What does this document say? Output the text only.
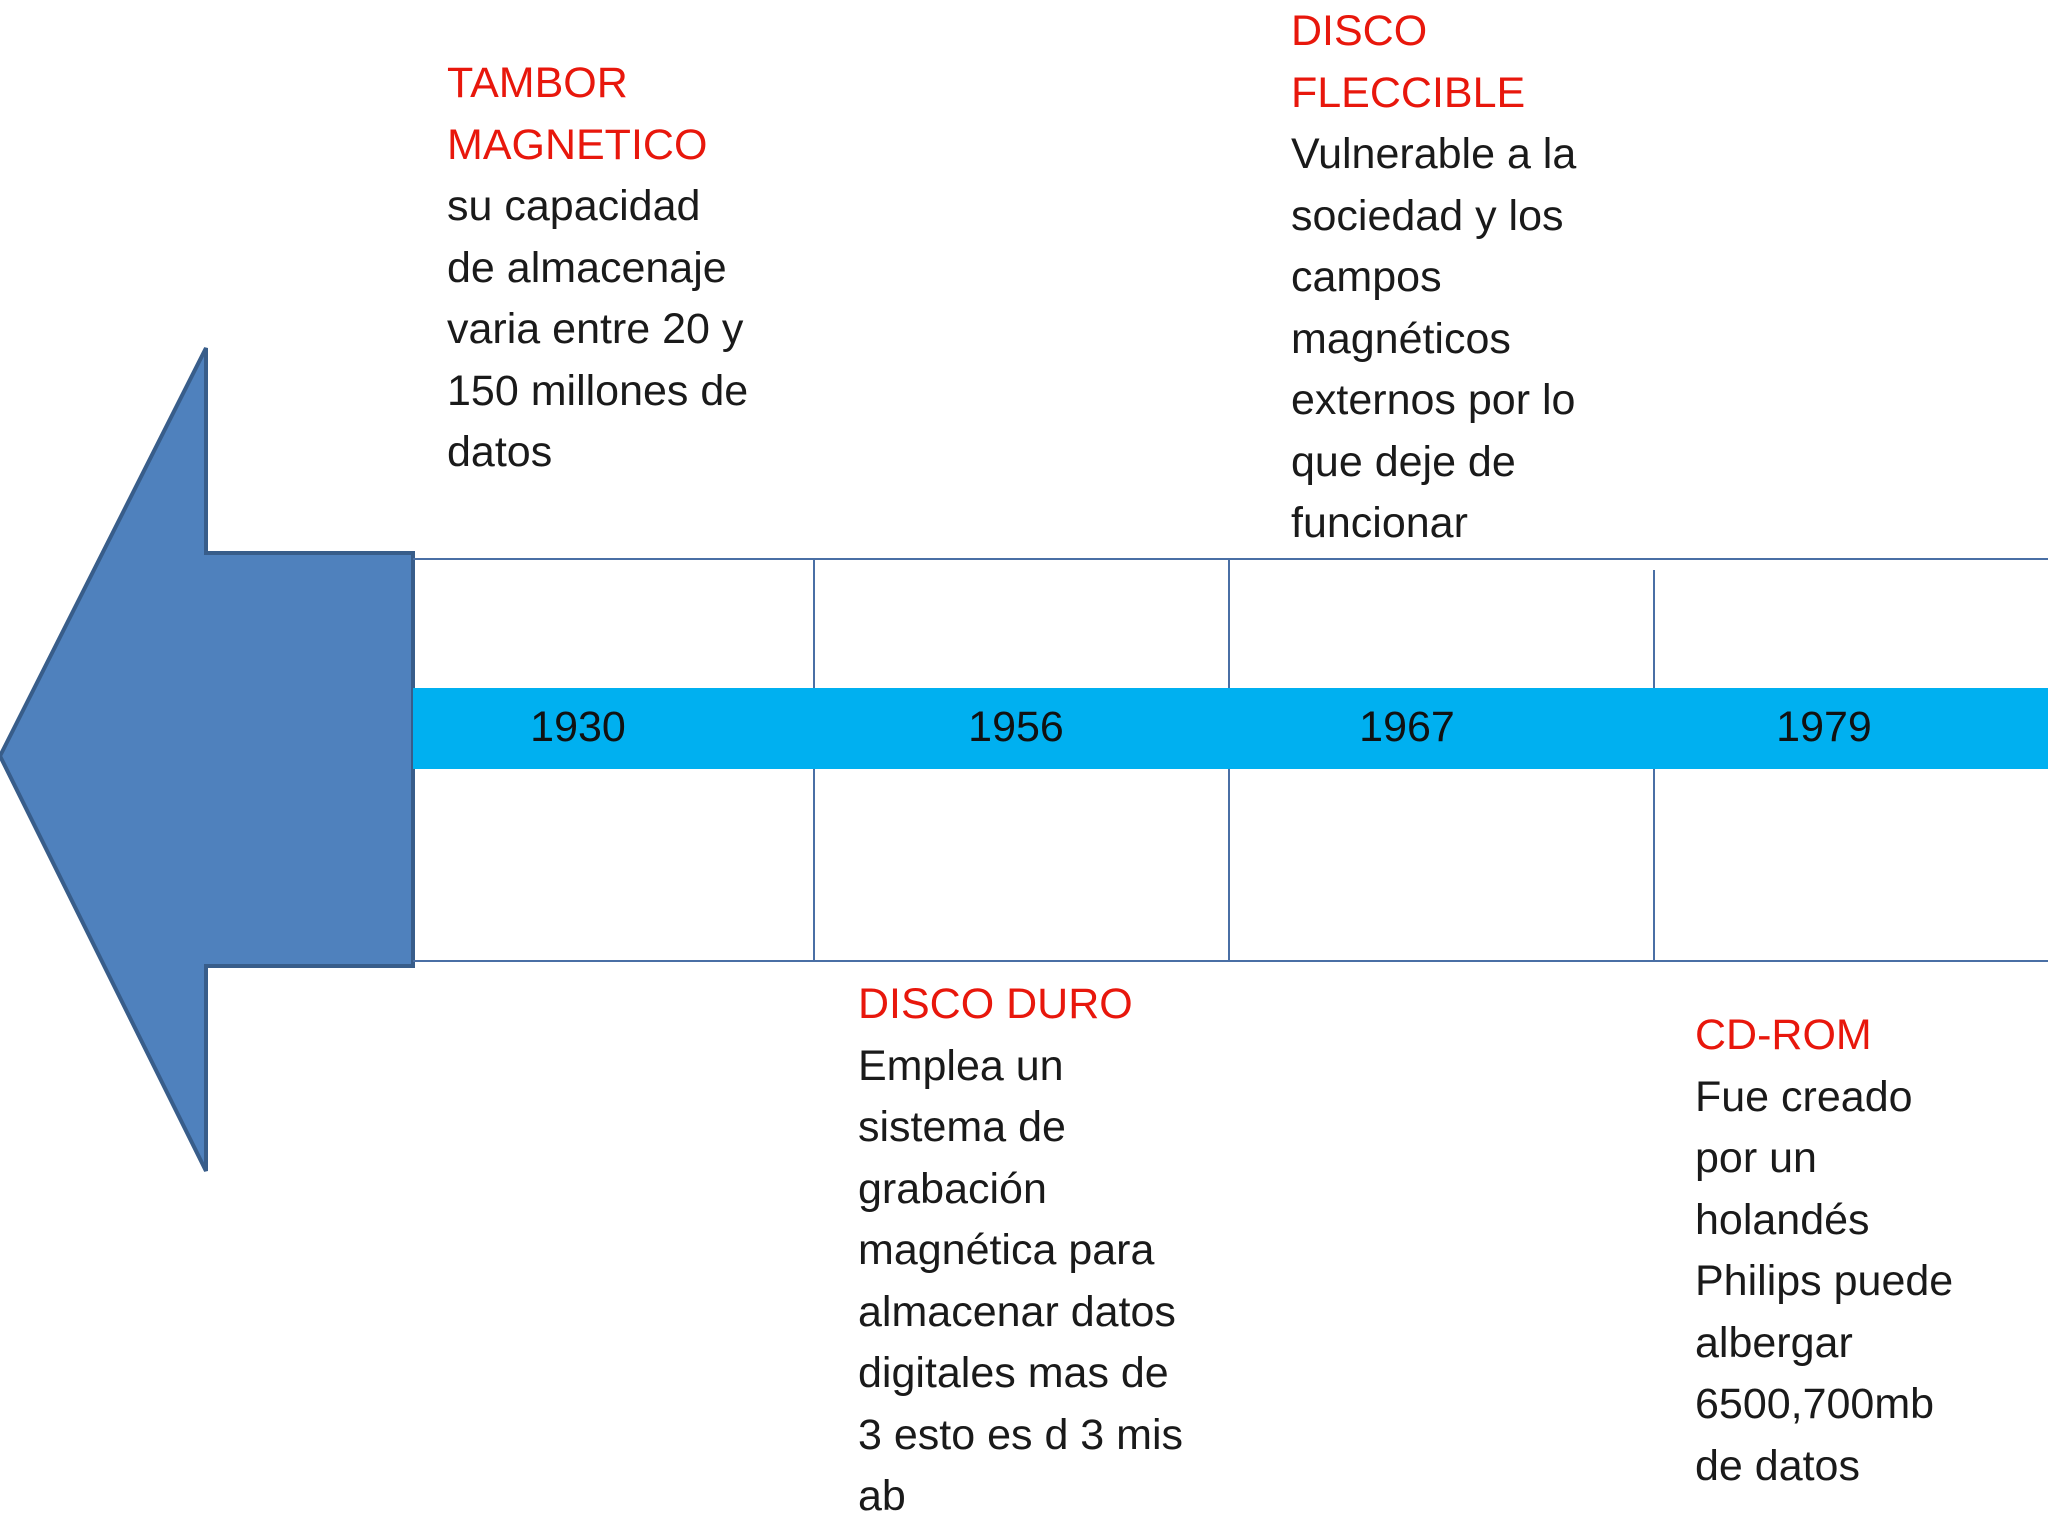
1930	1956	1967	1979
TAMBOR
MAGNETICO
su capacidad
de almacenaje
varia entre 20 y
150 millones de
datos
DISCO DURO
Emplea un
sistema de
grabación
magnética para
almacenar datos
digitales mas de
3 esto es d 3 mis
ab
DISCO
FLECCIBLE
Vulnerable a la
sociedad y los
campos
magnéticos
externos por lo
que deje de
funcionar
CD-ROM
Fue creado
por un
holandés
Philips puede
albergar
6500,700mb
de datos
